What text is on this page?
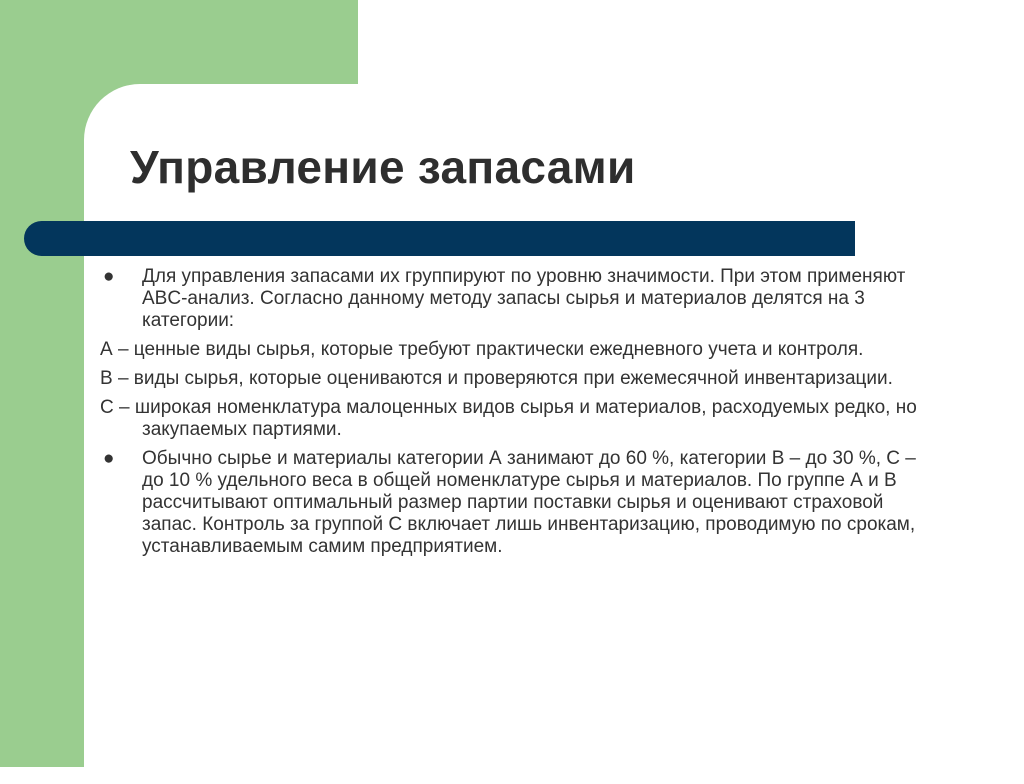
Управление запасами

●	Для управления запасами их группируют по уровню значимости. При этом применяют ABC-анализ. Согласно данному методу запасы сырья и материалов делятся на 3 категории:

А – ценные виды сырья, которые требуют практически ежедневного учета и контроля.

В – виды сырья, которые оцениваются и проверяются при ежемесячной инвентаризации.

С – широкая номенклатура малоценных видов сырья и материалов, расходуемых редко, но закупаемых партиями.

●	Обычно сырье и материалы категории А занимают до 60 %, категории В – до 30 %, С – до 10 % удельного веса в общей номенклатуре сырья и материалов. По группе А и В рассчитывают оптимальный размер партии поставки сырья и оценивают страховой запас. Контроль за группой С включает лишь инвентаризацию, проводимую по срокам, устанавливаемым самим предприятием.
